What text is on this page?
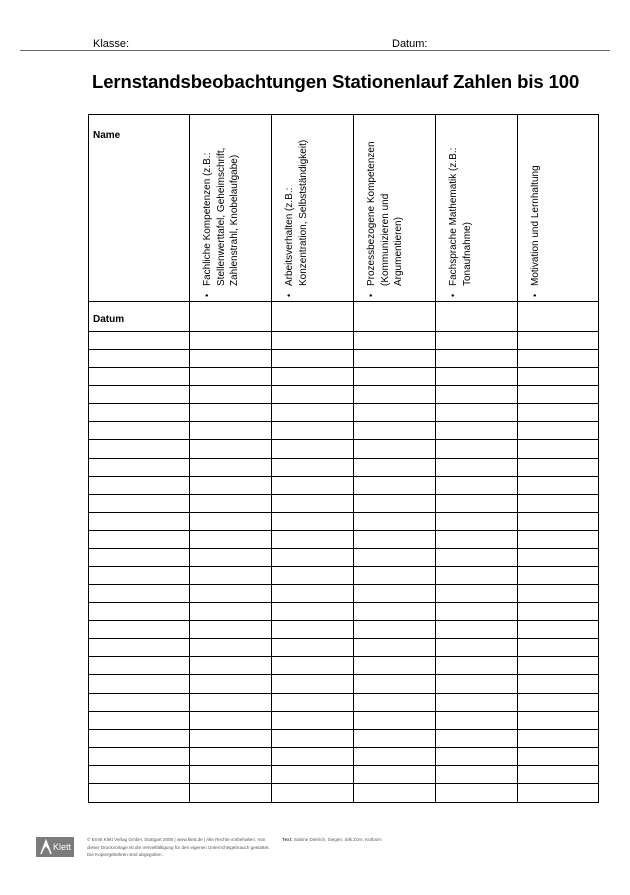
Klasse:	Datum:
Lernstandsbeobachtungen Stationenlauf Zahlen bis 100
Name
Datum
•
Fachliche Kompetenzen (z.B.: Stellenwerttafel, Geheimschrift, Zahlenstrahl, Knobelaufgabe)
•
Arbeitsverhalten (z.B.: Konzentration, Selbstständigkeit)
•
Prozessbezogene Kompetenzen (Kommunizieren und Argumentieren)
•
Fachsprache Mathematik (z.B.: Tonaufnahme)
•
Motivation und Lernhaltung
Klett
© Ernst Klett Verlag GmbH, Stuttgart 2008 | www.klett.de | Alle Rechte vorbehalten. Von dieser Druckvorlage ist die Vervielfältigung für den eigenen Unterrichtsgebrauch gestattet. Die Kopiergebühren sind abgegolten.
Text: Sabine Dietrich, Siegen; Silk Zorn, Kürborn
